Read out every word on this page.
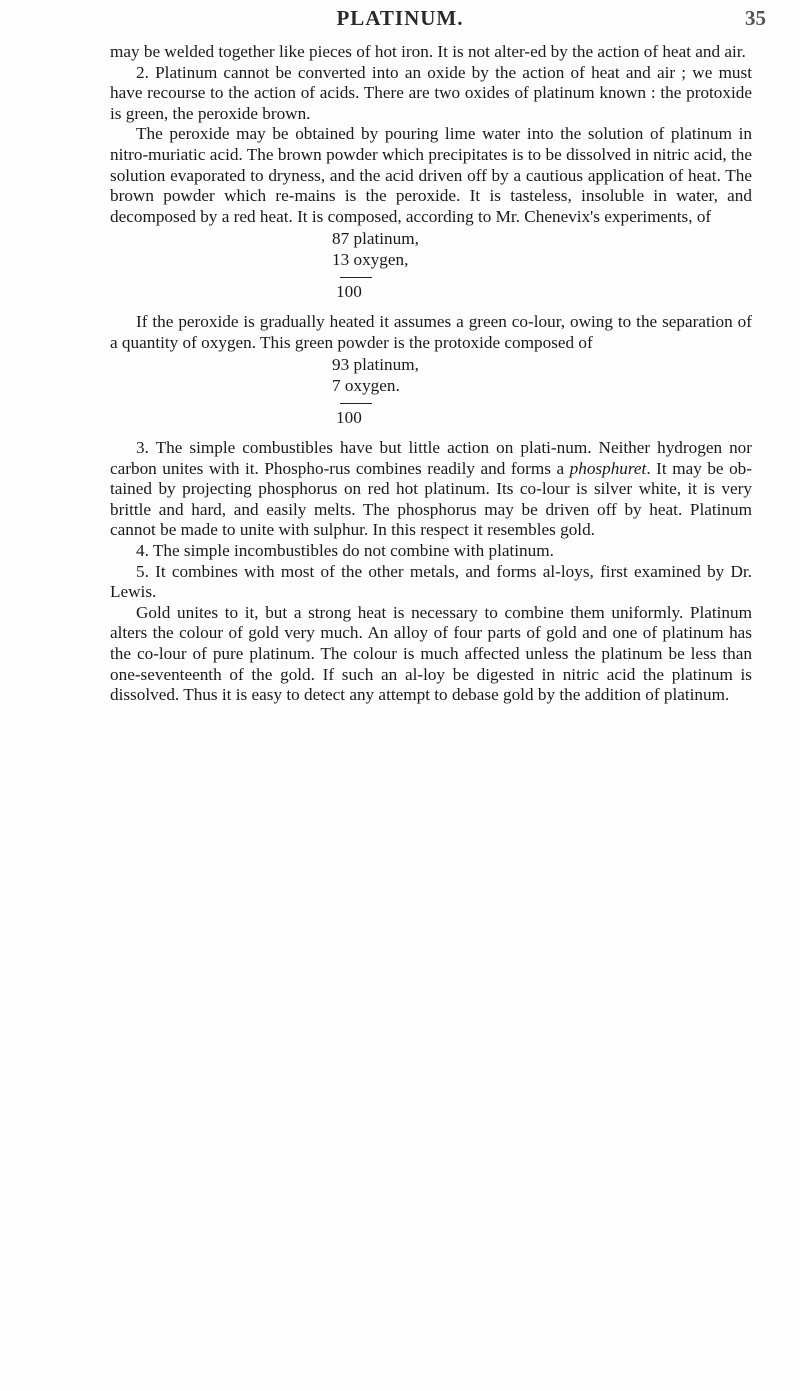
PLATINUM.	35

may be welded together like pieces of hot iron. It is not alter-ed by the action of heat and air.

2. Platinum cannot be converted into an oxide by the action of heat and air ; we must have recourse to the action of acids. There are two oxides of platinum known : the protoxide is green, the peroxide brown.

The peroxide may be obtained by pouring lime water into the solution of platinum in nitro-muriatic acid. The brown powder which precipitates is to be dissolved in nitric acid, the solution evaporated to dryness, and the acid driven off by a cautious application of heat. The brown powder which re-mains is the peroxide. It is tasteless, insoluble in water, and decomposed by a red heat. It is composed, according to Mr. Chenevix's experiments, of

87 platinum,
13 oxygen,
100

If the peroxide is gradually heated it assumes a green co-lour, owing to the separation of a quantity of oxygen. This green powder is the protoxide composed of

93 platinum,
7 oxygen.
100

3. The simple combustibles have but little action on plati-num. Neither hydrogen nor carbon unites with it. Phospho-rus combines readily and forms a phosphuret. It may be ob-tained by projecting phosphorus on red hot platinum. Its co-lour is silver white, it is very brittle and hard, and easily melts. The phosphorus may be driven off by heat. Platinum cannot be made to unite with sulphur. In this respect it resembles gold.

4. The simple incombustibles do not combine with platinum.

5. It combines with most of the other metals, and forms al-loys, first examined by Dr. Lewis.

Gold unites to it, but a strong heat is necessary to combine them uniformly. Platinum alters the colour of gold very much. An alloy of four parts of gold and one of platinum has the co-lour of pure platinum. The colour is much affected unless the platinum be less than one-seventeenth of the gold. If such an al-loy be digested in nitric acid the platinum is dissolved. Thus it is easy to detect any attempt to debase gold by the addition of platinum.
